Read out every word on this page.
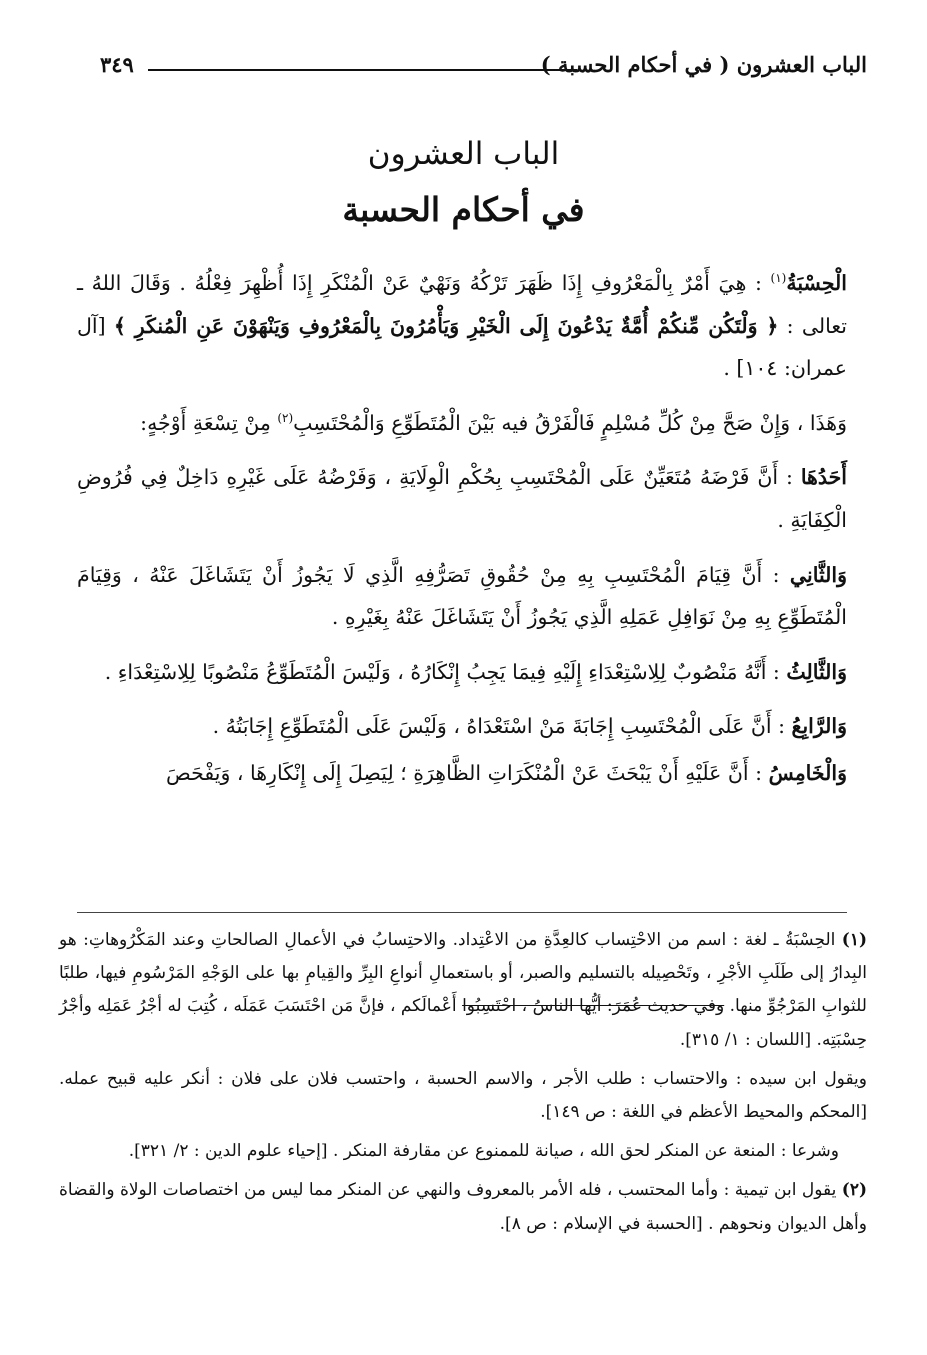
الباب العشرون ( في أحكام الحسبة )
٣٤٩
الباب العشرون
في أحكام الحسبة

الْحِسْبَةُ$^{(١)}$ : هِيَ أَمْرٌ بِالْمَعْرُوفِ إِذَا ظَهَرَ تَرْكُهُ وَنَهْيٌ عَنْ الْمُنْكَرِ إِذَا أُظْهِرَ فِعْلُهُ . وَقَالَ اللهُ ـ تعالى : ﴿ وَلْتَكُن مِّنكُمْ أُمَّةٌ يَدْعُونَ إِلَى الْخَيْرِ وَيَأْمُرُونَ بِالْمَعْرُوفِ وَيَنْهَوْنَ عَنِ الْمُنكَرِ ﴾ [آل عمران: ١٠٤] .

وَهَذَا ، وَإِنْ صَحَّ مِنْ كُلِّ مُسْلِمٍ فَالْفَرْقُ فيه بَيْنَ الْمُتَطَوِّعِ وَالْمُحْتَسِبِ$^{(٢)}$ مِنْ تِسْعَةِ أَوْجُهٍ:

أَحَدُهَا : أَنَّ فَرْضَهُ مُتَعَيِّنٌ عَلَى الْمُحْتَسِبِ بِحُكْمِ الْوِلَايَةِ ، وَفَرْضُهُ عَلَى غَيْرِهِ دَاخِلٌ فِي فُرُوضِ الْكِفَايَةِ .

وَالثَّانِي : أَنَّ قِيَامَ الْمُحْتَسِبِ بِهِ مِنْ حُقُوقِ تَصَرُّفِهِ الَّذِي لَا يَجُوزُ أَنْ يَتَشَاغَلَ عَنْهُ ، وَقِيَامَ الْمُتَطَوِّعِ بِهِ مِنْ نَوَافِلِ عَمَلِهِ الَّذِي يَجُوزُ أَنْ يَتَشَاغَلَ عَنْهُ بِغَيْرِهِ .

وَالثَّالِثُ : أَنَّهُ مَنْصُوبٌ لِلِاسْتِعْدَاءِ إِلَيْهِ فِيمَا يَجِبُ إِنْكَارُهُ ، وَلَيْسَ الْمُتَطَوِّعُ مَنْصُوبًا لِلِاسْتِعْدَاءِ .

وَالرَّابِعُ : أَنَّ عَلَى الْمُحْتَسِبِ إِجَابَةَ مَنْ اسْتَعْدَاهُ ، وَلَيْسَ عَلَى الْمُتَطَوِّعِ إِجَابَتُهُ .

وَالْخَامِسُ : أَنَّ عَلَيْهِ أَنْ يَبْحَثَ عَنْ الْمُنْكَرَاتِ الظَّاهِرَةِ ؛ لِيَصِلَ إِلَى إِنْكَارِهَا ، وَيَفْحَصَ

(١) الحِسْبَةُ ـ لغة : اسم من الاحْتِساب كالعِدَّةِ من الاعْتِداد. والاحتِسابُ في الأعمالِ الصالحاتِ وعند المَكْرُوهاتِ: هو البِدارُ إلى طَلَبِ الأجْرِ ، وتَحْصِيله بالتسليم والصبر، أو باستعمالِ أنواعِ البِرِّ والقِيامِ بها على الوَجْهِ المَرْسُومِ فيها، طلبًا للثوابِ المَرْجُوِّ منها. وفي حديث عُمَرَ: أيُّها الناسُ ، احْتَسِبُوا أَعْمالَكم ، فإنَّ مَن احْتَسَبَ عَمَلَه ، كُتِبَ له أجْرُ عَمَلِه وأجْرُ حِسْبَتِه. [اللسان : ١/ ٣١٥].

ويقول ابن سيده : والاحتساب : طلب الأجر ، والاسم الحسبة ، واحتسب فلان على فلان : أنكر عليه قبيح عمله. [المحكم والمحيط الأعظم في اللغة : ص ١٤٩].

وشرعا : المنعة عن المنكر لحق الله ، صيانة للممنوع عن مقارفة المنكر . [إحياء علوم الدين : ٢/ ٣٢١].

(٢) يقول ابن تيمية : وأما المحتسب ، فله الأمر بالمعروف والنهي عن المنكر مما ليس من اختصاصات الولاة والقضاة وأهل الديوان ونحوهم . [الحسبة في الإسلام : ص ٨].
